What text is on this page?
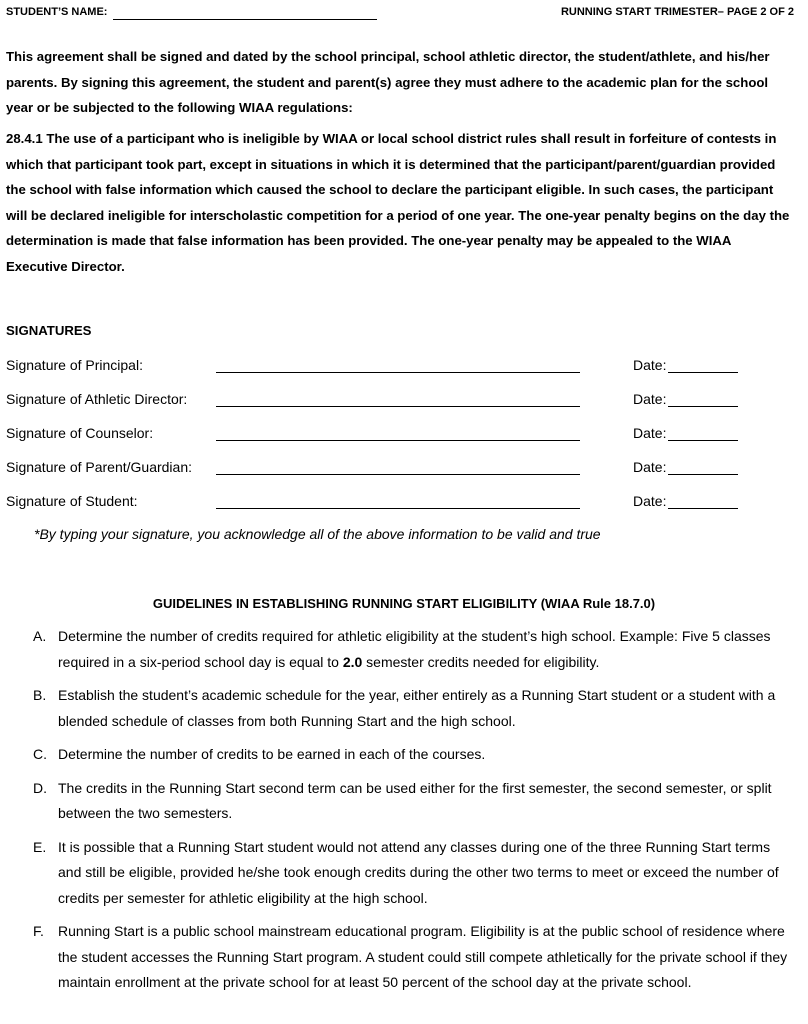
STUDENT’S NAME:	RUNNING START TRIMESTER– PAGE 2 OF 2

This agreement shall be signed and dated by the school principal, school athletic director, the student/athlete, and his/her parents. By signing this agreement, the student and parent(s) agree they must adhere to the academic plan for the school year or be subjected to the following WIAA regulations:

28.4.1 The use of a participant who is ineligible by WIAA or local school district rules shall result in forfeiture of contests in which that participant took part, except in situations in which it is determined that the participant/parent/guardian provided the school with false information which caused the school to declare the participant eligible. In such cases, the participant will be declared ineligible for interscholastic competition for a period of one year. The one-year penalty begins on the day the determination is made that false information has been provided. The one-year penalty may be appealed to the WIAA Executive Director.

SIGNATURES
Signature of Principal:	Date:
Signature of Athletic Director:	Date:
Signature of Counselor:	Date:
Signature of Parent/Guardian:	Date:
Signature of Student:	Date:
*By typing your signature, you acknowledge all of the above information to be valid and true
GUIDELINES IN ESTABLISHING RUNNING START ELIGIBILITY (WIAA Rule 18.7.0)
A. Determine the number of credits required for athletic eligibility at the student’s high school. Example: Five 5 classes required in a six-period school day is equal to 2.0 semester credits needed for eligibility.
B. Establish the student’s academic schedule for the year, either entirely as a Running Start student or a student with a blended schedule of classes from both Running Start and the high school.
C. Determine the number of credits to be earned in each of the courses.
D. The credits in the Running Start second term can be used either for the first semester, the second semester, or split between the two semesters.
E. It is possible that a Running Start student would not attend any classes during one of the three Running Start terms and still be eligible, provided he/she took enough credits during the other two terms to meet or exceed the number of credits per semester for athletic eligibility at the high school.
F. Running Start is a public school mainstream educational program. Eligibility is at the public school of residence where the student accesses the Running Start program. A student could still compete athletically for the private school if they maintain enrollment at the private school for at least 50 percent of the school day at the private school.
